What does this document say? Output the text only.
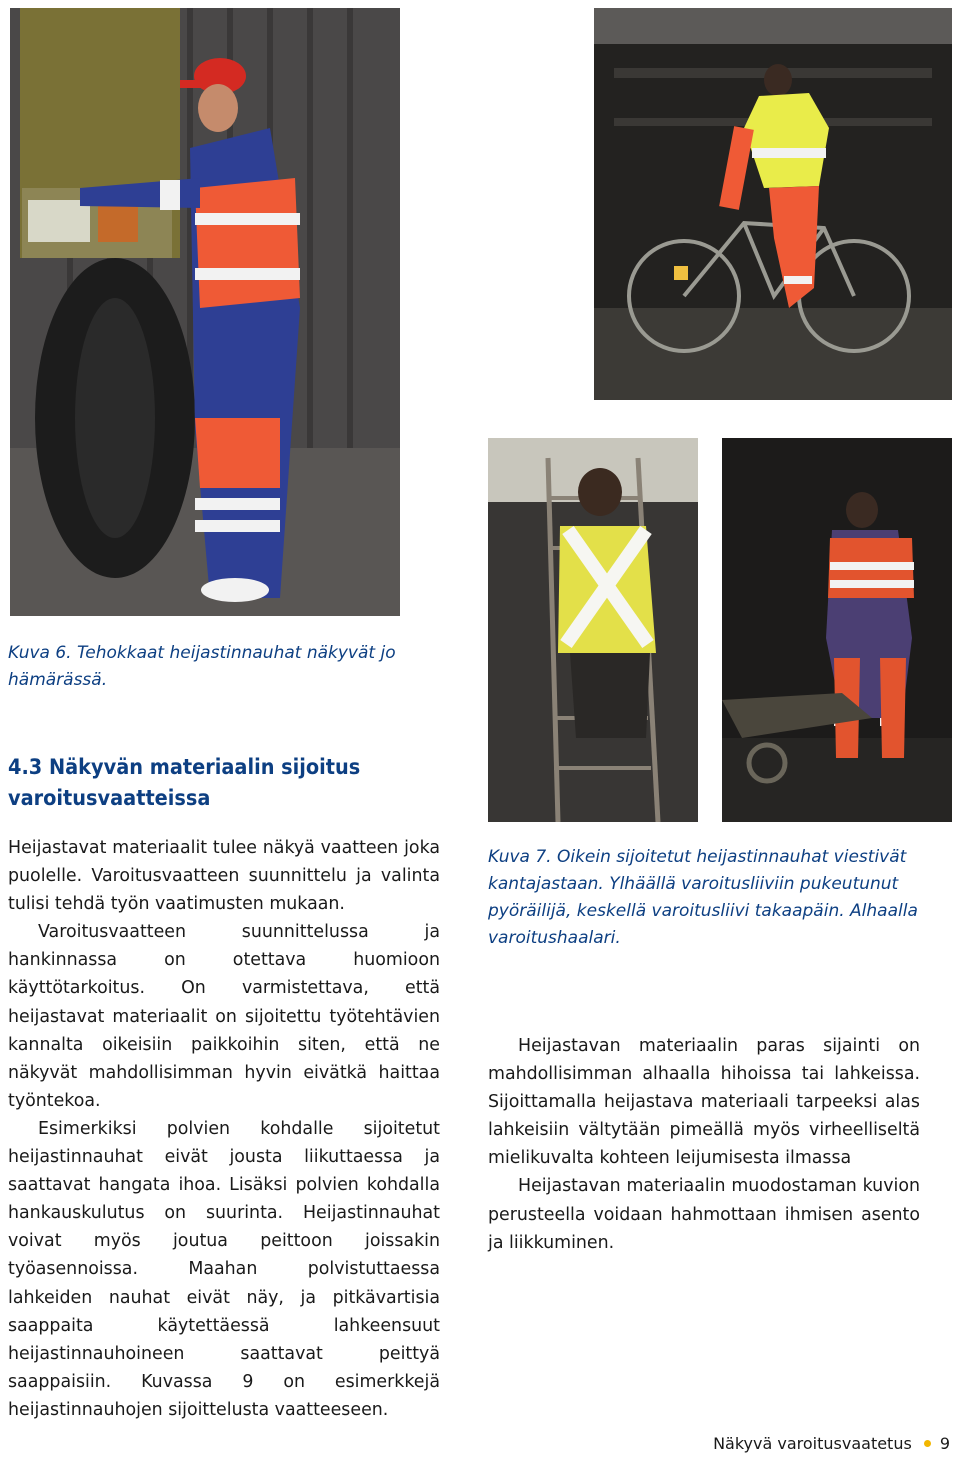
Kuva 6. Tehokkaat heijastinnauhat näkyvät jo hämärässä.

4.3 Näkyvän materiaalin sijoitus varoitusvaatteissa

Heijastavat materiaalit tulee näkyä vaatteen joka puolelle. Varoitusvaatteen suunnittelu ja valinta tulisi tehdä työn vaatimusten mukaan.

Varoitusvaatteen suunnittelussa ja hankinnassa on otettava huomioon käyttötarkoitus. On varmistettava, että heijastavat materiaalit on sijoitettu työtehtävien kannalta oikeisiin paikkoihin siten, että ne näkyvät mahdollisimman hyvin eivätkä haittaa työntekoa.

Esimerkiksi polvien kohdalle sijoitetut heijastinnauhat eivät jousta liikuttaessa ja saattavat hangata ihoa. Lisäksi polvien kohdalla hankauskulutus on suurinta. Heijastinnauhat voivat myös joutua peittoon joissakin työasennoissa. Maahan polvistuttaessa lahkeiden nauhat eivät näy, ja pitkävartisia saappaita käytettäessä lahkeensuut heijastinnauhoineen saattavat peittyä saappaisiin. Kuvassa 9 on esimerkkejä heijastinnauhojen sijoittelusta vaatteeseen.

Kuva 7. Oikein sijoitetut heijastinnauhat viestivät kantajastaan. Ylhäällä varoitusliiviin pukeutunut pyöräilijä, keskellä varoitusliivi takaapäin. Alhaalla varoitushaalari.

Heijastavan materiaalin paras sijainti on mahdollisimman alhaalla hihoissa tai lahkeissa. Sijoittamalla heijastava materiaali tarpeeksi alas lahkeisiin vältytään pimeällä myös virheelliseltä mielikuvalta kohteen leijumisesta ilmassa

Heijastavan materiaalin muodostaman kuvion perusteella voidaan hahmottaan ihmisen asento ja liikkuminen.

Näkyvä varoitusvaatetus 9
